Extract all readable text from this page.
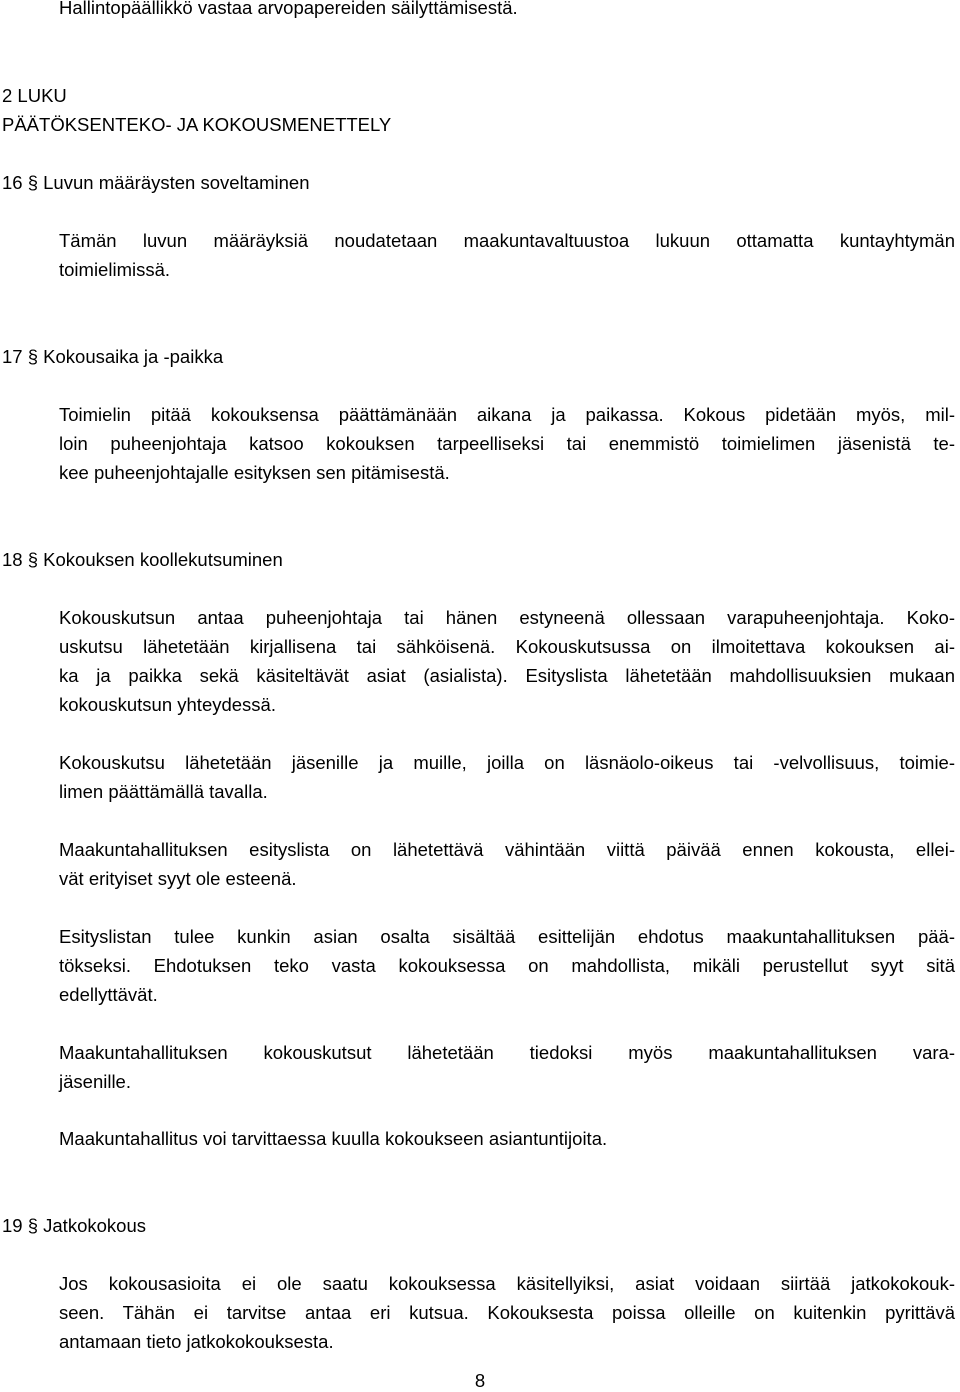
Hallintopäällikkö vastaa arvopapereiden säilyttämisestä.
2 LUKU
PÄÄTÖKSENTEKO- JA KOKOUSMENETTELY
16 § Luvun määräysten soveltaminen
Tämän luvun määräyksiä noudatetaan maakuntavaltuustoa lukuun ottamatta kuntayhtymän
toimielimissä.
17 § Kokousaika ja -paikka
Toimielin pitää kokouksensa päättämänään aikana ja paikassa. Kokous pidetään myös, mil-
loin puheenjohtaja katsoo kokouksen tarpeelliseksi tai enemmistö toimielimen jäsenistä te-
kee puheenjohtajalle esityksen sen pitämisestä.
18 § Kokouksen koollekutsuminen
Kokouskutsun antaa puheenjohtaja tai hänen estyneenä ollessaan varapuheenjohtaja. Koko-
uskutsu lähetetään kirjallisena tai sähköisenä. Kokouskutsussa on ilmoitettava kokouksen ai-
ka ja paikka sekä käsiteltävät asiat (asialista). Esityslista lähetetään mahdollisuuksien mukaan
kokouskutsun yhteydessä.
Kokouskutsu lähetetään jäsenille ja muille, joilla on läsnäolo-oikeus tai -velvollisuus, toimie-
limen päättämällä tavalla.
Maakuntahallituksen esityslista on lähetettävä vähintään viittä päivää ennen kokousta, ellei-
vät erityiset syyt ole esteenä.
Esityslistan tulee kunkin asian osalta sisältää esittelijän ehdotus maakuntahallituksen pää-
tökseksi. Ehdotuksen teko vasta kokouksessa on mahdollista, mikäli perustellut syyt sitä
edellyttävät.
Maakuntahallituksen kokouskutsut lähetetään tiedoksi myös maakuntahallituksen vara-
jäsenille.
Maakuntahallitus voi tarvittaessa kuulla kokoukseen asiantuntijoita.
19 § Jatkokokous
Jos kokousasioita ei ole saatu kokouksessa käsitellyiksi, asiat voidaan siirtää jatkokokouk-
seen. Tähän ei tarvitse antaa eri kutsua. Kokouksesta poissa olleille on kuitenkin pyrittävä
antamaan tieto jatkokokouksesta.
8
